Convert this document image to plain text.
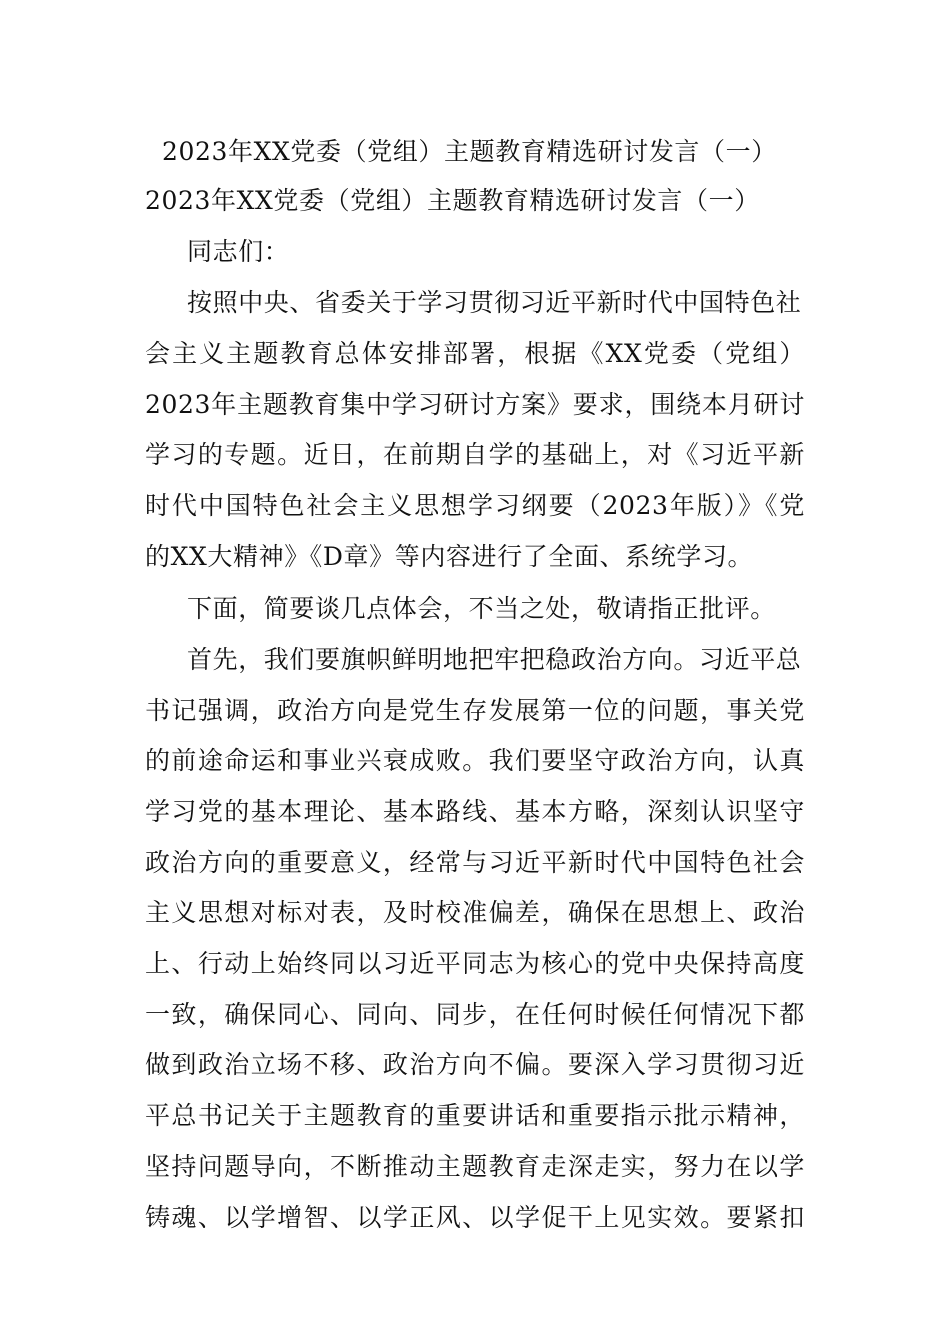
2023年XX党委（党组）主题教育精选研讨发言（一）
2023年XX党委（党组）主题教育精选研讨发言（一）
同志们：
按照中央、省委关于学习贯彻习近平新时代中国特色社
会主义主题教育总体安排部署，根据《XX党委（党组）
2023年主题教育集中学习研讨方案》要求，围绕本月研讨
学习的专题。近日，在前期自学的基础上，对《习近平新
时代中国特色社会主义思想学习纲要（2023年版）》《党
的XX大精神》《D章》等内容进行了全面、系统学习。
下面，简要谈几点体会，不当之处，敬请指正批评。
首先，我们要旗帜鲜明地把牢把稳政治方向。习近平总
书记强调，政治方向是党生存发展第一位的问题，事关党
的前途命运和事业兴衰成败。我们要坚守政治方向，认真
学习党的基本理论、基本路线、基本方略，深刻认识坚守
政治方向的重要意义，经常与习近平新时代中国特色社会
主义思想对标对表，及时校准偏差，确保在思想上、政治
上、行动上始终同以习近平同志为核心的党中央保持高度
一致，确保同心、同向、同步，在任何时候任何情况下都
做到政治立场不移、政治方向不偏。要深入学习贯彻习近
平总书记关于主题教育的重要讲话和重要指示批示精神，
坚持问题导向，不断推动主题教育走深走实，努力在以学
铸魂、以学增智、以学正风、以学促干上见实效。要紧扣
